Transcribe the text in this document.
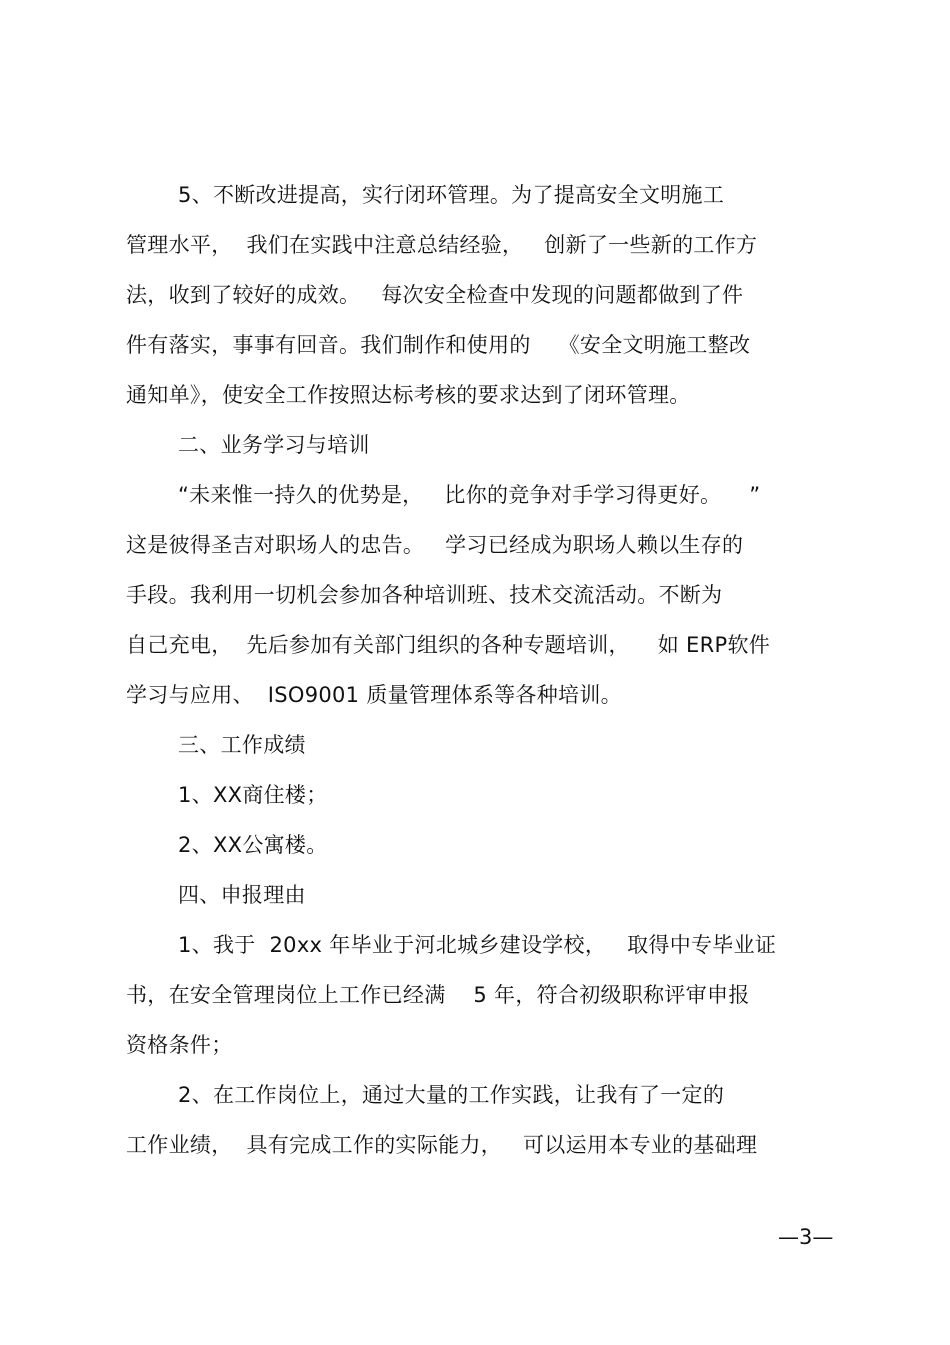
5、不断改进提高，实行闭环管理。为了提高安全文明施工
管理水平，  我们在实践中注意总结经验，   创新了一些新的工作方
法，收到了较好的成效。   每次安全检查中发现的问题都做到了件
件有落实，事事有回音。我们制作和使用的    《安全文明施工整改
通知单》，使安全工作按照达标考核的要求达到了闭环管理。
二、业务学习与培训
“未来惟一持久的优势是，   比你的竞争对手学习得更好。    ”
这是彼得圣吉对职场人的忠告。   学习已经成为职场人赖以生存的
手段。我利用一切机会参加各种培训班、技术交流活动。不断为
自己充电，  先后参加有关部门组织的各种专题培训，    如 ERP软件
学习与应用、  ISO9001 质量管理体系等各种培训。
三、工作成绩
1、XX商住楼；
2、XX公寓楼。
四、申报理由
1、我于  20xx 年毕业于河北城乡建设学校，   取得中专毕业证
书，在安全管理岗位上工作已经满    5 年，符合初级职称评审申报
资格条件；
2、在工作岗位上，通过大量的工作实践，让我有了一定的
工作业绩，  具有完成工作的实际能力，   可以运用本专业的基础理
—3—
